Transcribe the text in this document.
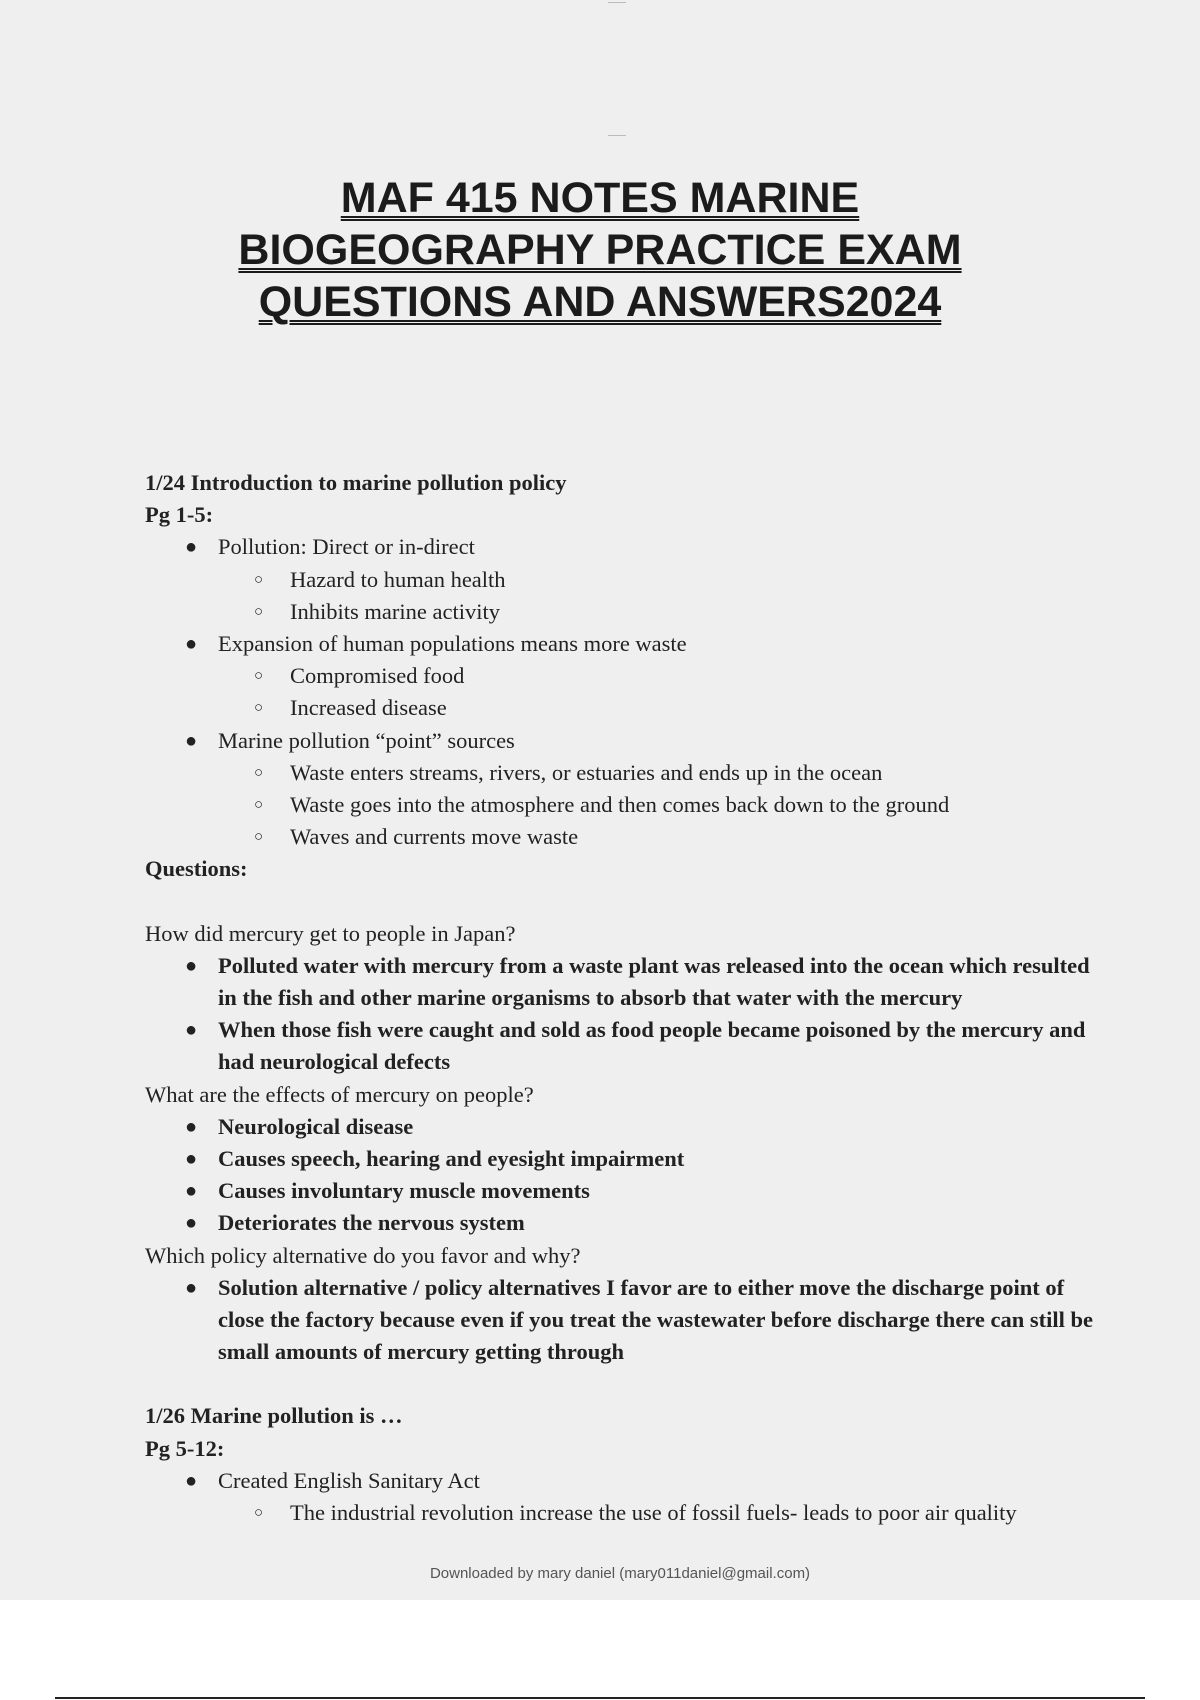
MAF 415 NOTES MARINE
BIOGEOGRAPHY PRACTICE EXAM
QUESTIONS AND ANSWERS2024
1/24 Introduction to marine pollution policy
Pg 1-5:
● Pollution: Direct or in-direct
○ Hazard to human health
○ Inhibits marine activity
● Expansion of human populations means more waste
○ Compromised food
○ Increased disease
● Marine pollution “point” sources
○ Waste enters streams, rivers, or estuaries and ends up in the ocean
○ Waste goes into the atmosphere and then comes back down to the ground
○ Waves and currents move waste
Questions:
How did mercury get to people in Japan?
● Polluted water with mercury from a waste plant was released into the ocean which resulted in the fish and other marine organisms to absorb that water with the mercury
● When those fish were caught and sold as food people became poisoned by the mercury and had neurological defects
What are the effects of mercury on people?
● Neurological disease
● Causes speech, hearing and eyesight impairment
● Causes involuntary muscle movements
● Deteriorates the nervous system
Which policy alternative do you favor and why?
● Solution alternative / policy alternatives I favor are to either move the discharge point of close the factory because even if you treat the wastewater before discharge there can still be small amounts of mercury getting through
1/26 Marine pollution is …
Pg 5-12:
● Created English Sanitary Act
○ The industrial revolution increase the use of fossil fuels- leads to poor air quality
Downloaded by mary daniel (mary011daniel@gmail.com)
